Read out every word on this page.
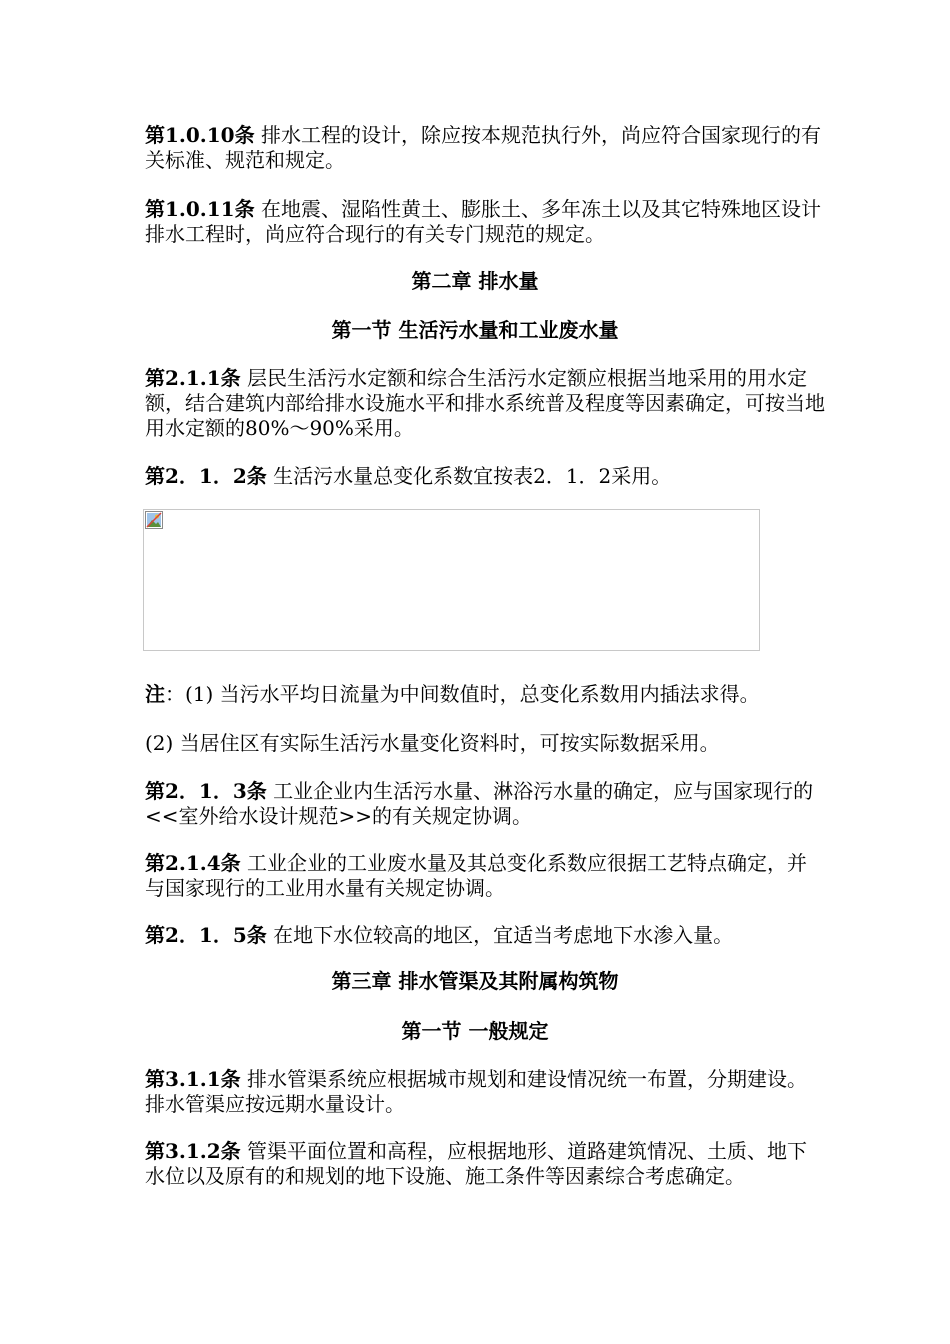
第1.0.10条 排水工程的设计，除应按本规范执行外，尚应符合国家现行的有关标准、规范和规定。

第1.0.11条 在地震、湿陷性黄土、膨胀土、多年冻土以及其它特殊地区设计排水工程时，尚应符合现行的有关专门规范的规定。

第二章 排水量
第一节 生活污水量和工业废水量

第2.1.1条 层民生活污水定额和综合生活污水定额应根据当地采用的用水定额，结合建筑内部给排水设施水平和排水系统普及程度等因素确定，可按当地用水定额的80%～90%采用。

第2．1．2条 生活污水量总变化系数宜按表2．1．2采用。

注：(1) 当污水平均日流量为中间数值时，总变化系数用内插法求得。

(2) 当居住区有实际生活污水量变化资料时，可按实际数据采用。

第2．1．3条 工业企业内生活污水量、淋浴污水量的确定，应与国家现行的<<室外给水设计规范>>的有关规定协调。

第2.1.4条 工业企业的工业废水量及其总变化系数应很据工艺特点确定，并与国家现行的工业用水量有关规定协调。

第2．1．5条 在地下水位较高的地区，宜适当考虑地下水渗入量。

第三章 排水管渠及其附属构筑物
第一节 一般规定

第3.1.1条 排水管渠系统应根据城市规划和建设情况统一布置，分期建设。排水管渠应按远期水量设计。

第3.1.2条 管渠平面位置和高程，应根据地形、道路建筑情况、土质、地下水位以及原有的和规划的地下设施、施工条件等因素综合考虑确定。
